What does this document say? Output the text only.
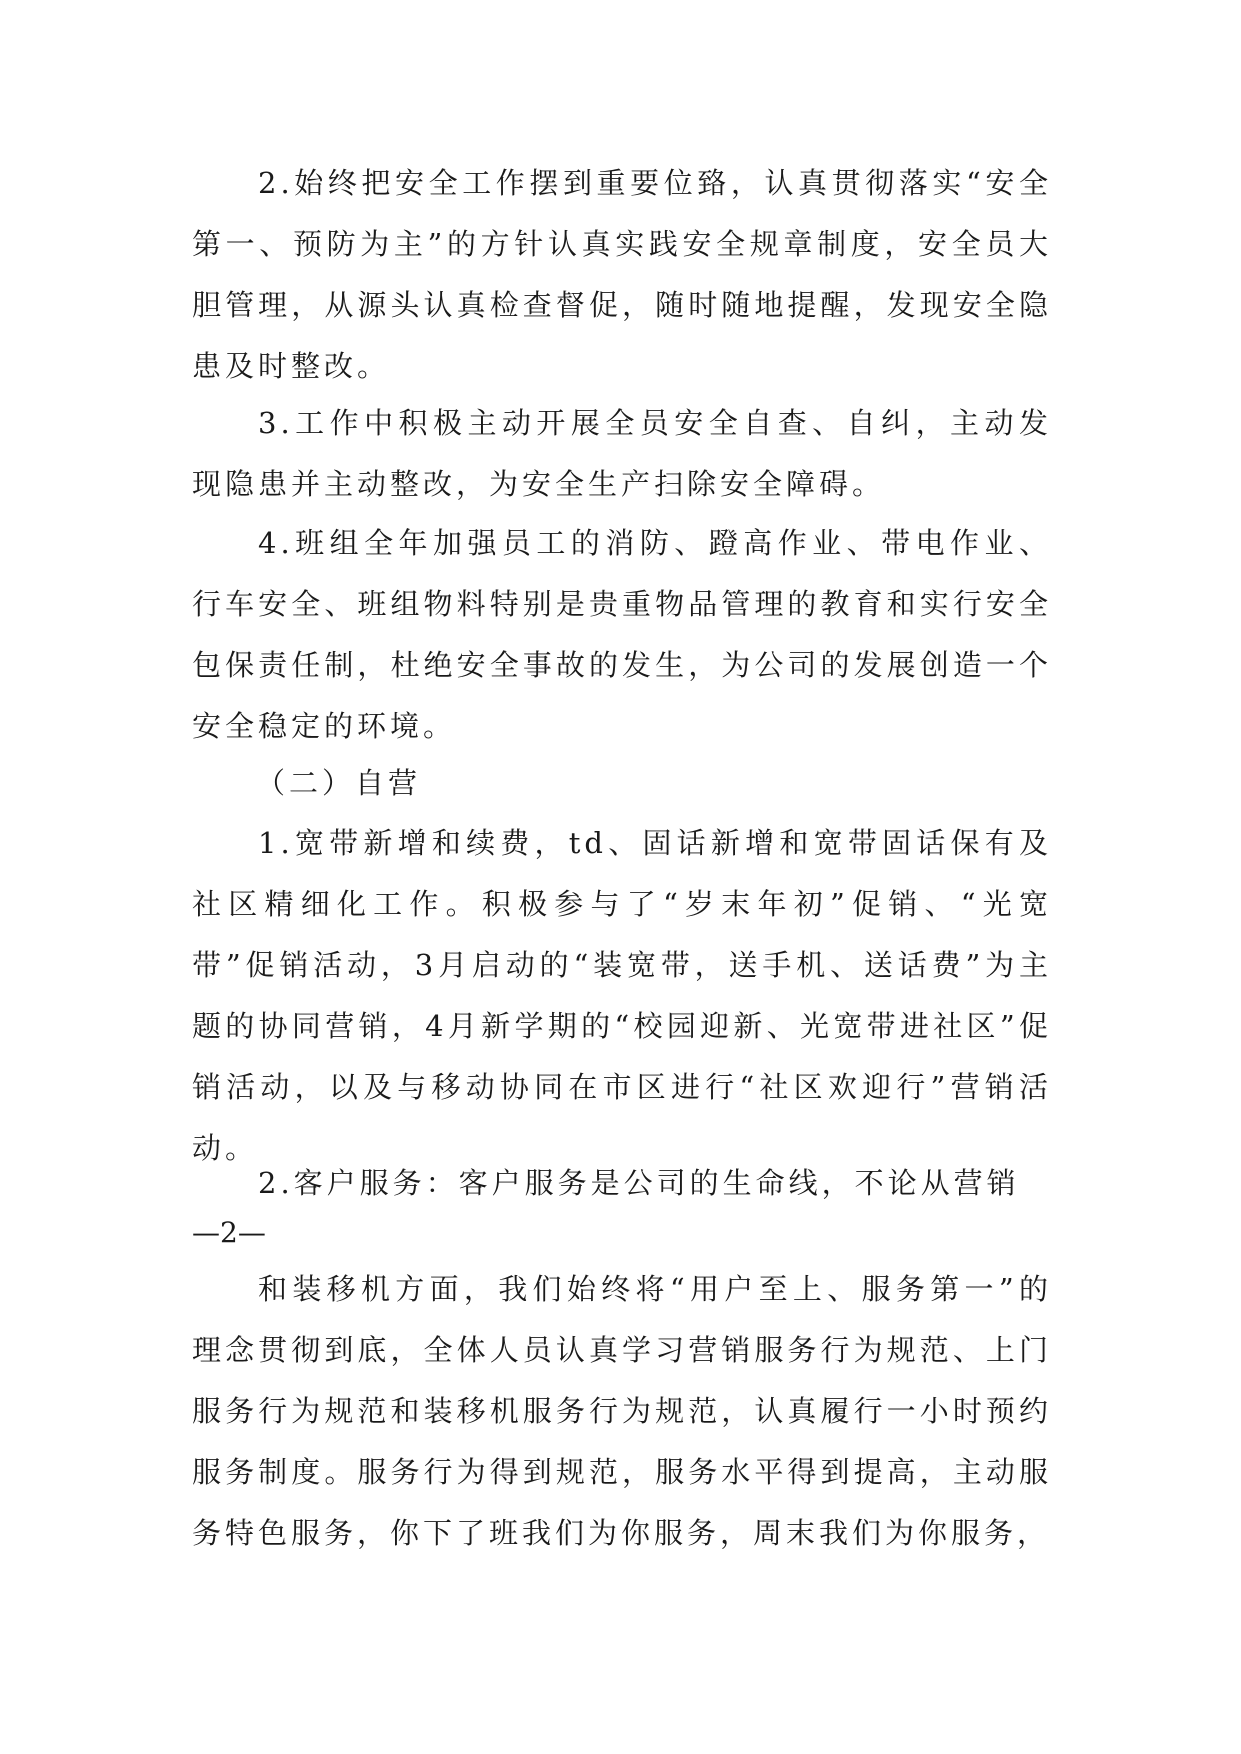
2.始终把安全工作摆到重要位臵，认真贯彻落实“安全第一、预防为主”的方针认真实践安全规章制度，安全员大胆管理，从源头认真检查督促，随时随地提醒，发现安全隐患及时整改。

3.工作中积极主动开展全员安全自查、自纠，主动发现隐患并主动整改，为安全生产扫除安全障碍。

4.班组全年加强员工的消防、蹬高作业、带电作业、行车安全、班组物料特别是贵重物品管理的教育和实行安全包保责任制，杜绝安全事故的发生，为公司的发展创造一个安全稳定的环境。

（二）自营

1.宽带新增和续费，td、固话新增和宽带固话保有及社区精细化工作。积极参与了“岁末年初”促销、“光宽带”促销活动，3月启动的“装宽带，送手机、送话费”为主题的协同营销，4月新学期的“校园迎新、光宽带进社区”促销活动，以及与移动协同在市区进行“社区欢迎行”营销活动。

2.客户服务：客户服务是公司的生命线，不论从营销

—2—

和装移机方面，我们始终将“用户至上、服务第一”的理念贯彻到底，全体人员认真学习营销服务行为规范、上门服务行为规范和装移机服务行为规范，认真履行一小时预约服务制度。服务行为得到规范，服务水平得到提高，主动服务特色服务，你下了班我们为你服务，周末我们为你服务，
